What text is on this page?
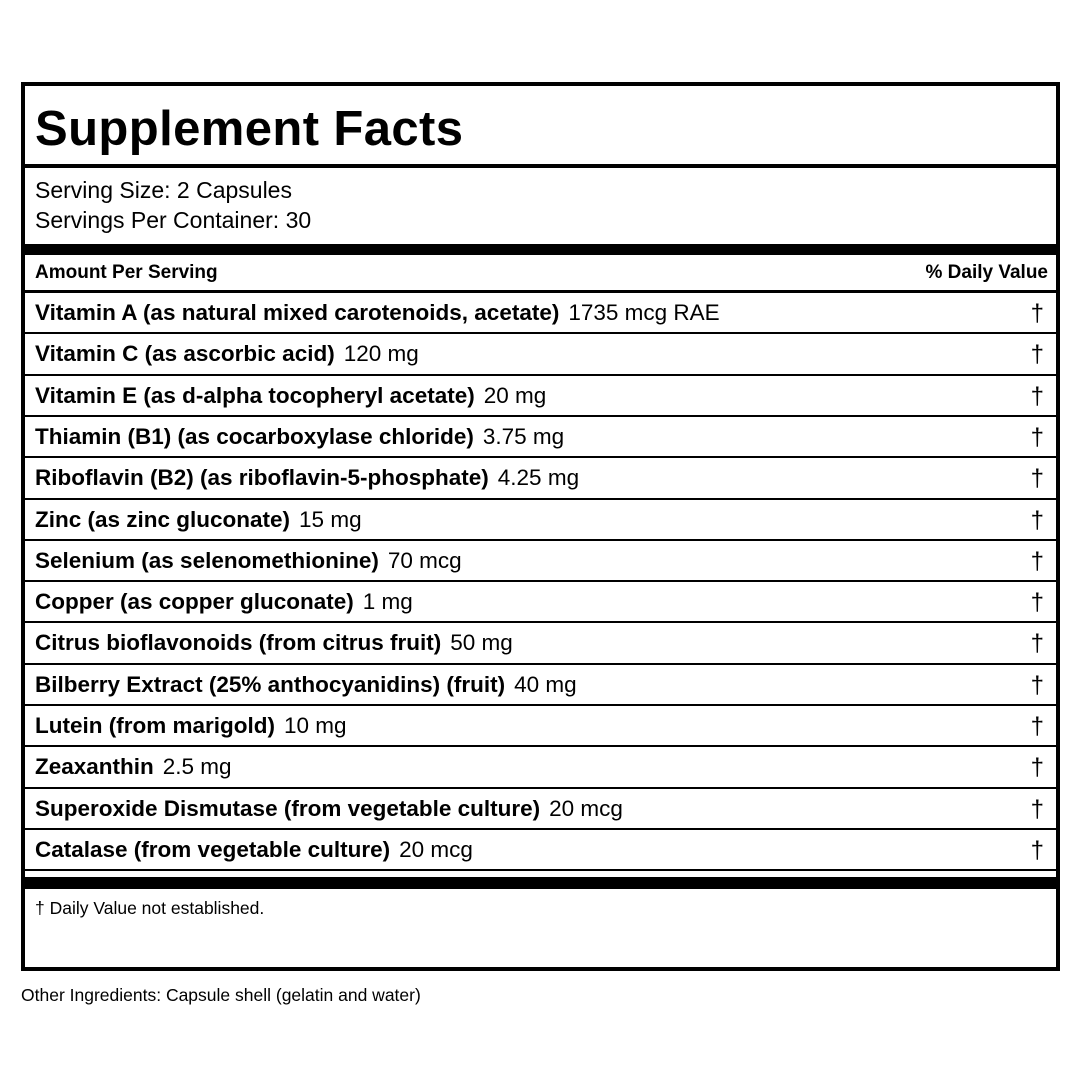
Supplement Facts
Serving Size: 2 Capsules
Servings Per Container: 30
Amount Per Serving	% Daily Value
Vitamin A (as natural mixed carotenoids, acetate) 1735 mcg RAE	†
Vitamin C (as ascorbic acid) 120 mg	†
Vitamin E (as d-alpha tocopheryl acetate) 20 mg	†
Thiamin (B1) (as cocarboxylase chloride) 3.75 mg	†
Riboflavin (B2) (as riboflavin-5-phosphate) 4.25 mg	†
Zinc (as zinc gluconate) 15 mg	†
Selenium (as selenomethionine) 70 mcg	†
Copper (as copper gluconate) 1 mg	†
Citrus bioflavonoids (from citrus fruit) 50 mg	†
Bilberry Extract (25% anthocyanidins) (fruit) 40 mg	†
Lutein (from marigold) 10 mg	†
Zeaxanthin 2.5 mg	†
Superoxide Dismutase (from vegetable culture) 20 mcg	†
Catalase (from vegetable culture) 20 mcg	†
† Daily Value not established.
Other Ingredients: Capsule shell (gelatin and water)
